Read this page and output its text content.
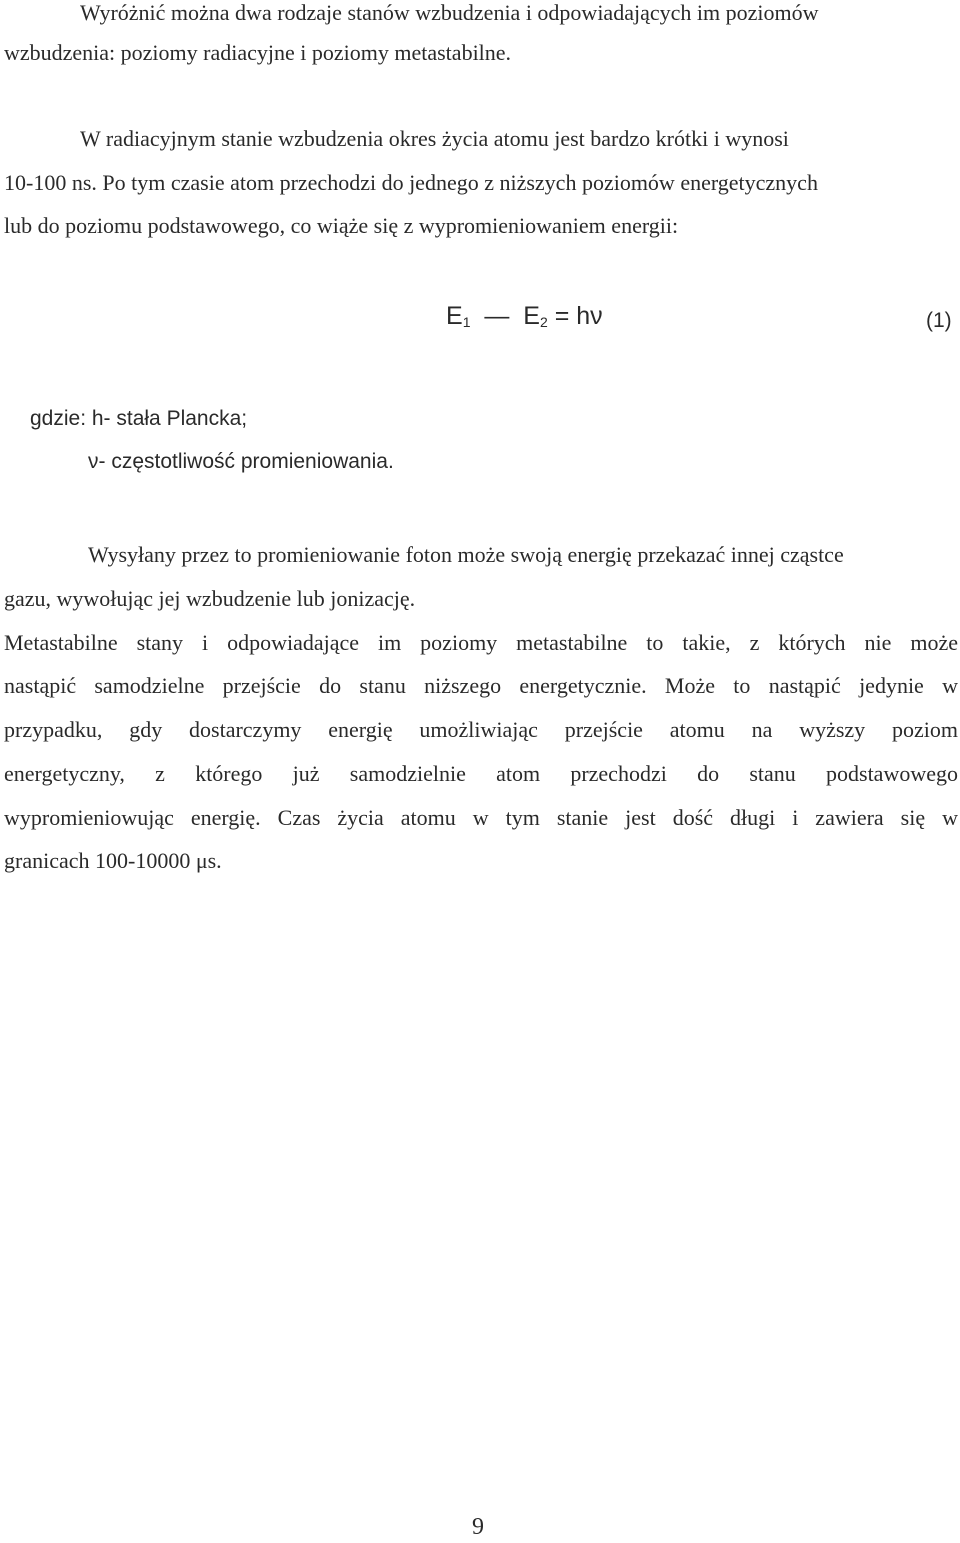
Wyróżnić można dwa rodzaje stanów wzbudzenia i odpowiadających im poziomów
wzbudzenia: poziomy radiacyjne i poziomy metastabilne.
W radiacyjnym stanie wzbudzenia okres życia atomu jest bardzo krótki i wynosi
10-100 ns. Po tym czasie atom przechodzi do jednego z niższych poziomów energetycznych
lub do poziomu podstawowego, co wiąże się z wypromieniowaniem energii:
$E_1$  —  $E_2 = h\nu$	(1)
gdzie: h- stała Plancka;
ν- częstotliwość promieniowania.
Wysyłany przez to promieniowanie foton może swoją energię przekazać innej cząstce
gazu, wywołując jej wzbudzenie lub jonizację.
Metastabilne stany i odpowiadające im poziomy metastabilne to takie, z których nie może
nastąpić samodzielne przejście do stanu niższego energetycznie. Może to nastąpić jedynie w
przypadku, gdy dostarczymy energię umożliwiając przejście atomu na wyższy poziom
energetyczny, z którego już samodzielnie atom przechodzi do stanu podstawowego
wypromieniowując energię. Czas życia atomu w tym stanie jest dość długi i zawiera się w
granicach 100-10000 μs.
9
